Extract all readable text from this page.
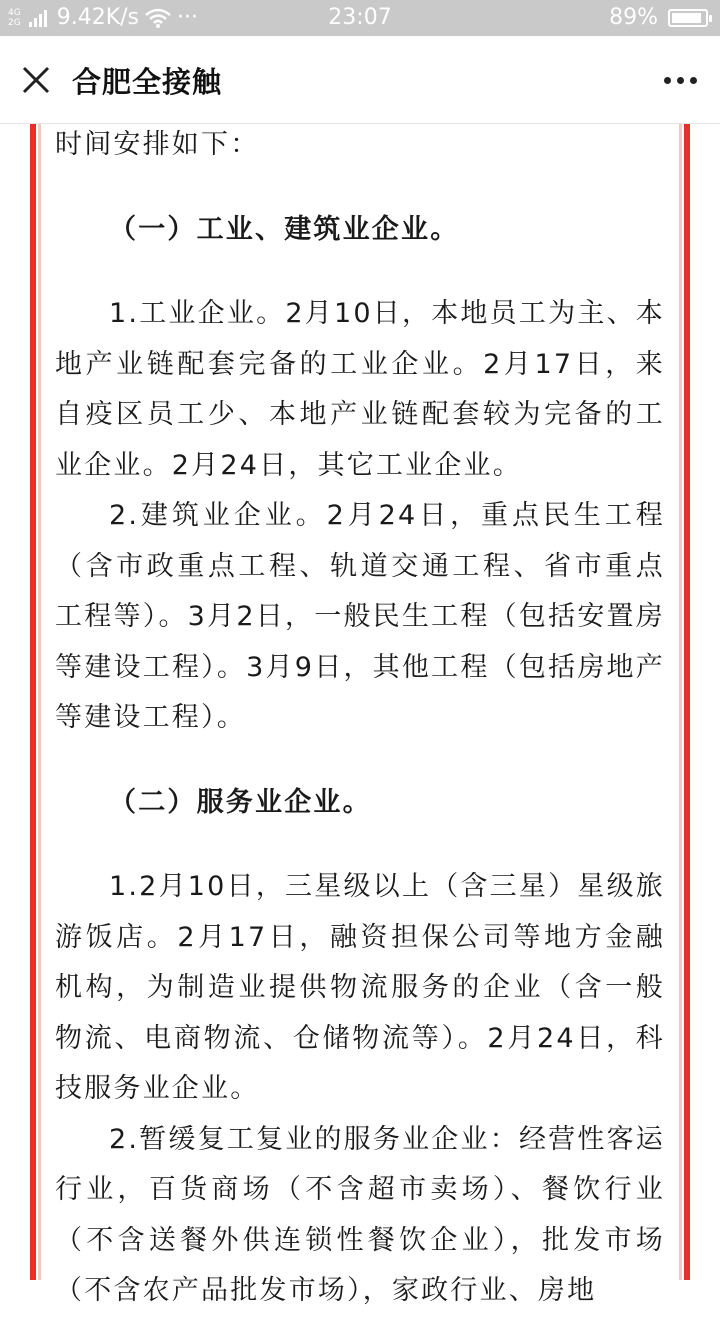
4G
2G 9.42K/s ···	23:07	89%
合肥全接触

时间安排如下：

（一）工业、建筑业企业。

1.工业企业。2月10日，本地员工为主、本地产业链配套完备的工业企业。2月17日，来自疫区员工少、本地产业链配套较为完备的工业企业。2月24日，其它工业企业。

2.建筑业企业。2月24日，重点民生工程（含市政重点工程、轨道交通工程、省市重点工程等）。3月2日，一般民生工程（包括安置房等建设工程）。3月9日，其他工程（包括房地产等建设工程）。

（二）服务业企业。

1.2月10日，三星级以上（含三星）星级旅游饭店。2月17日，融资担保公司等地方金融机构，为制造业提供物流服务的企业（含一般物流、电商物流、仓储物流等）。2月24日，科技服务业企业。

2.暂缓复工复业的服务业企业：经营性客运行业，百货商场（不含超市卖场）、餐饮行业（不含送餐外供连锁性餐饮企业），批发市场（不含农产品批发市场），家政行业、房地
